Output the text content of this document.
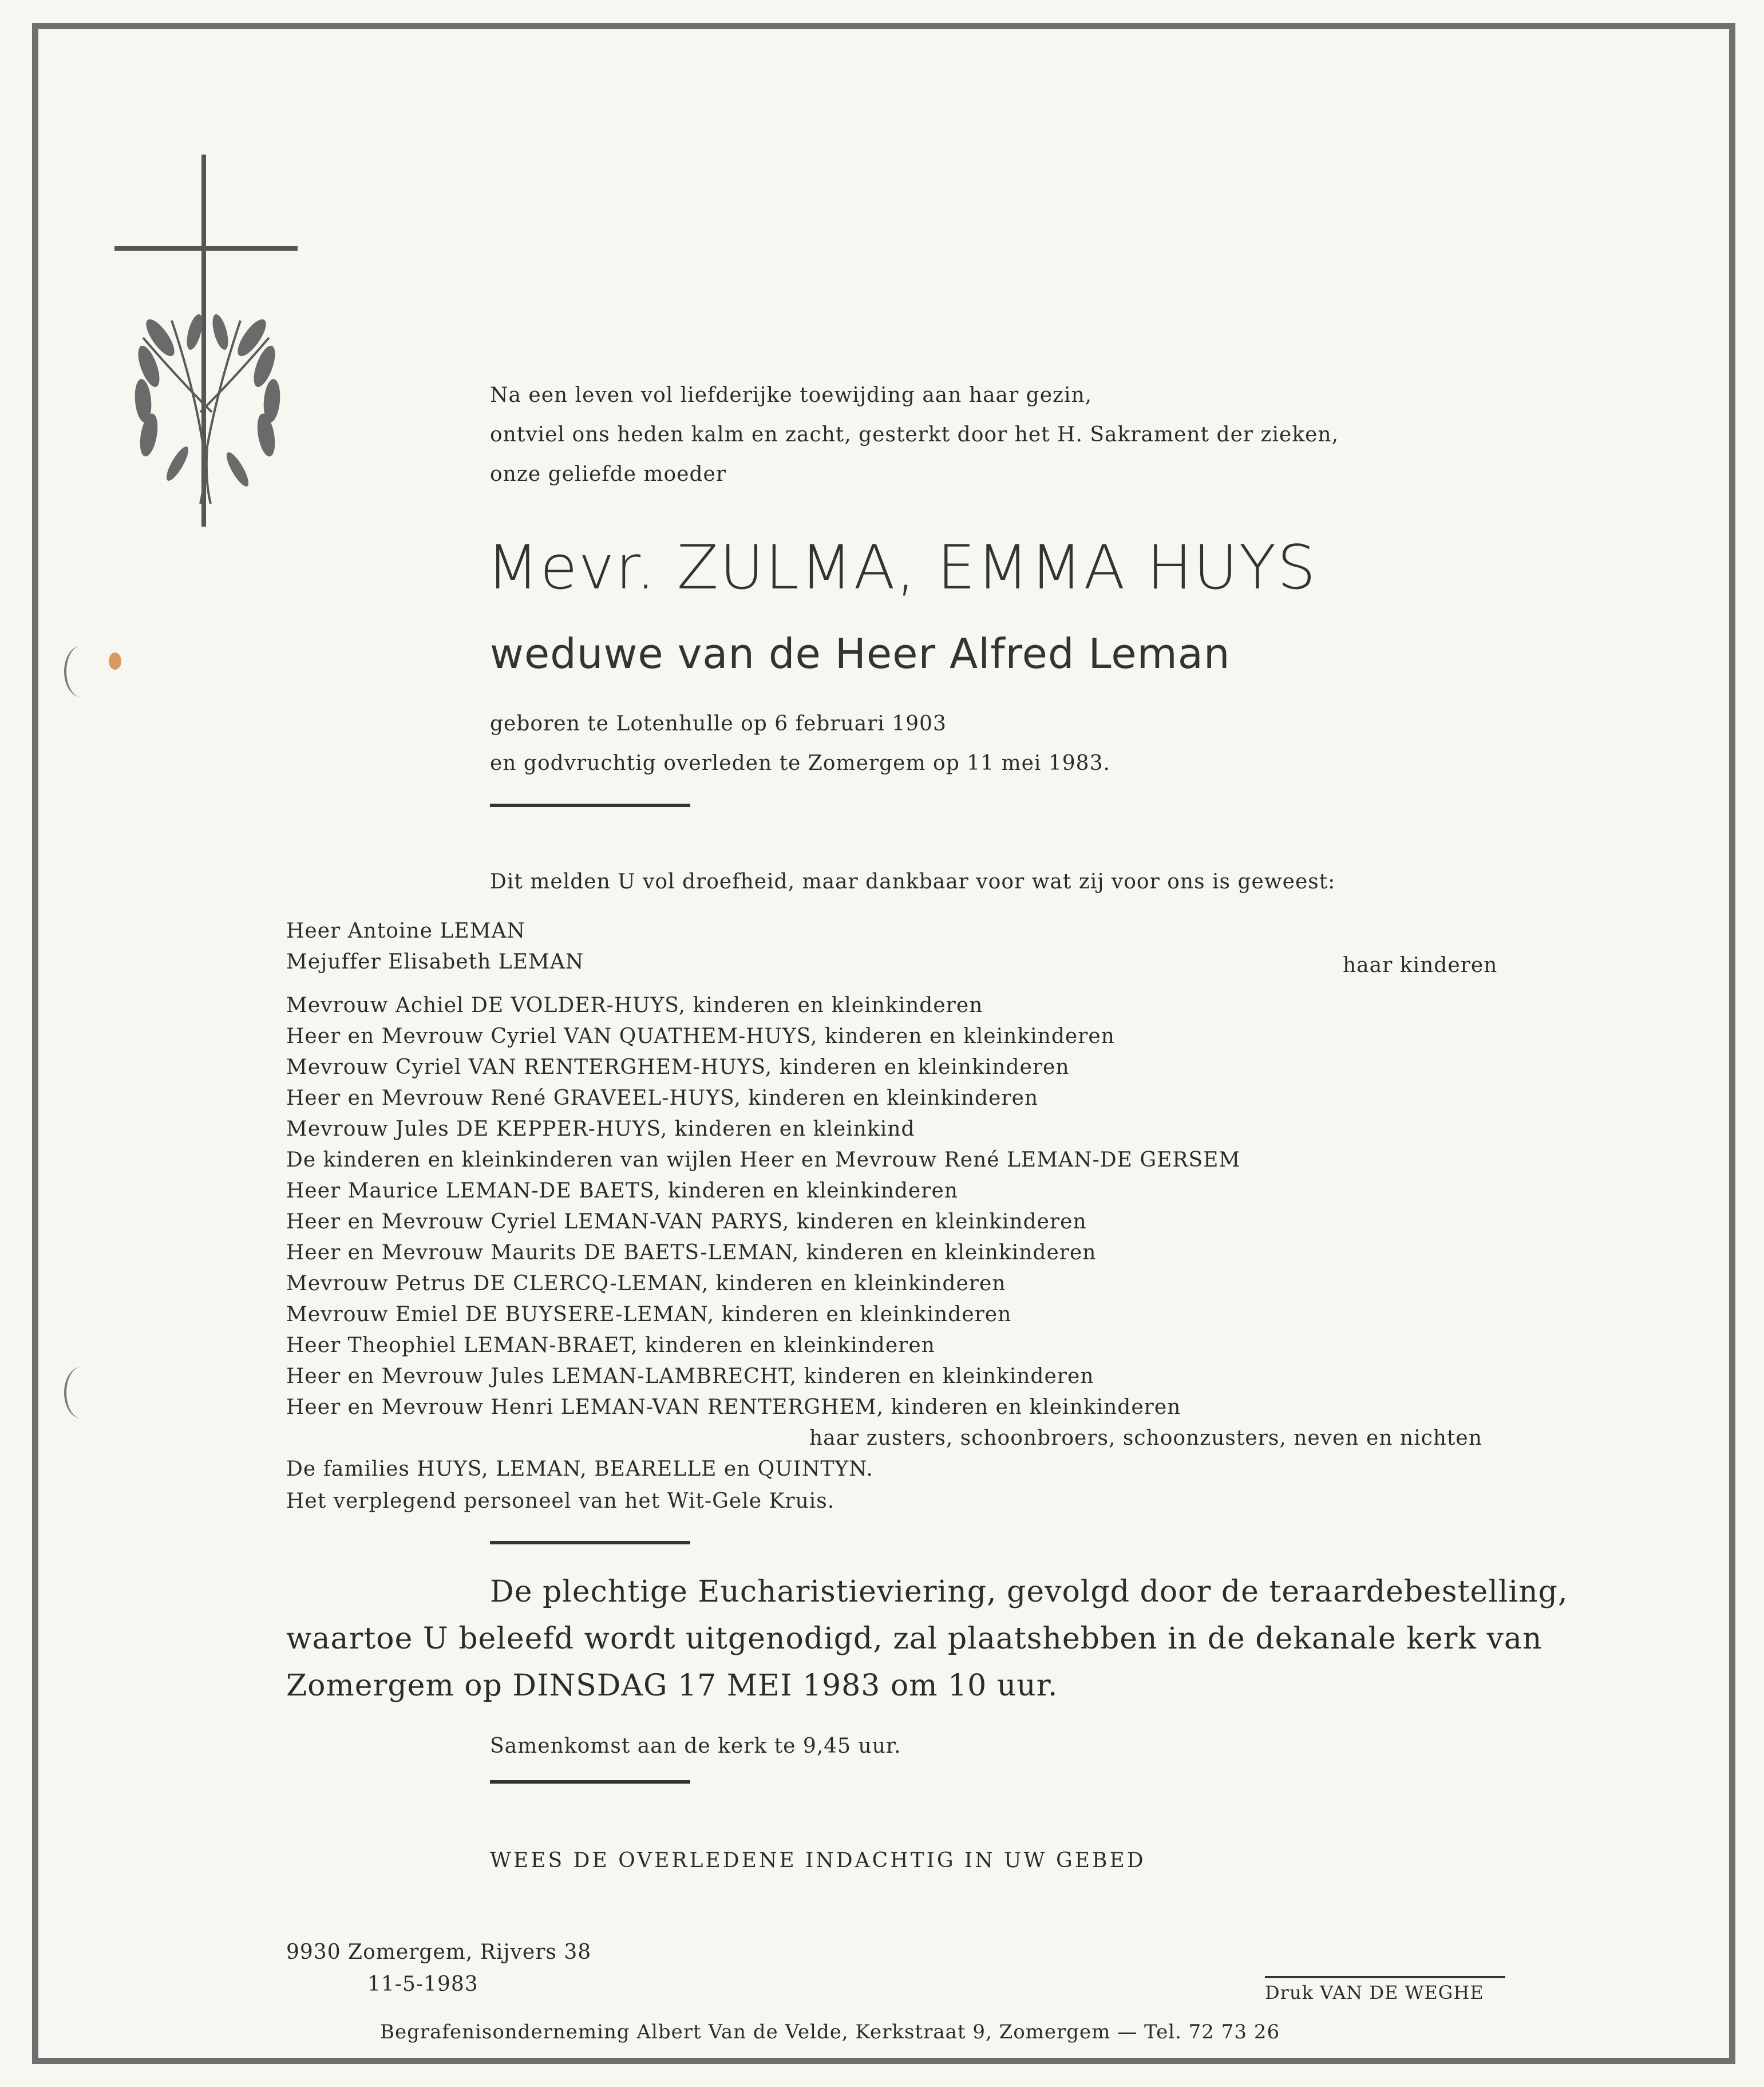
Na een leven vol liefderijke toewijding aan haar gezin,
ontviel ons heden kalm en zacht, gesterkt door het H. Sakrament der zieken,
onze geliefde moeder
Mevr. ZULMA, EMMA HUYS
weduwe van de Heer Alfred Leman
geboren te Lotenhulle op 6 februari 1903
en godvruchtig overleden te Zomergem op 11 mei 1983.
Dit melden U vol droefheid, maar dankbaar voor wat zij voor ons is geweest:
Heer Antoine LEMAN
Mejuffer Elisabeth LEMAN	haar kinderen
Mevrouw Achiel DE VOLDER-HUYS, kinderen en kleinkinderen
Heer en Mevrouw Cyriel VAN QUATHEM-HUYS, kinderen en kleinkinderen
Mevrouw Cyriel VAN RENTERGHEM-HUYS, kinderen en kleinkinderen
Heer en Mevrouw René GRAVEEL-HUYS, kinderen en kleinkinderen
Mevrouw Jules DE KEPPER-HUYS, kinderen en kleinkind
De kinderen en kleinkinderen van wijlen Heer en Mevrouw René LEMAN-DE GERSEM
Heer Maurice LEMAN-DE BAETS, kinderen en kleinkinderen
Heer en Mevrouw Cyriel LEMAN-VAN PARYS, kinderen en kleinkinderen
Heer en Mevrouw Maurits DE BAETS-LEMAN, kinderen en kleinkinderen
Mevrouw Petrus DE CLERCQ-LEMAN, kinderen en kleinkinderen
Mevrouw Emiel DE BUYSERE-LEMAN, kinderen en kleinkinderen
Heer Theophiel LEMAN-BRAET, kinderen en kleinkinderen
Heer en Mevrouw Jules LEMAN-LAMBRECHT, kinderen en kleinkinderen
Heer en Mevrouw Henri LEMAN-VAN RENTERGHEM, kinderen en kleinkinderen
haar zusters, schoonbroers, schoonzusters, neven en nichten
De families HUYS, LEMAN, BEARELLE en QUINTYN.
Het verplegend personeel van het Wit-Gele Kruis.
De plechtige Eucharistieviering, gevolgd door de teraardebestelling,
waartoe U beleefd wordt uitgenodigd, zal plaatshebben in de dekanale kerk van
Zomergem op DINSDAG 17 MEI 1983 om 10 uur.
Samenkomst aan de kerk te 9,45 uur.
WEES DE OVERLEDENE INDACHTIG IN UW GEBED
9930 Zomergem, Rijvers 38
11-5-1983	Druk VAN DE WEGHE
Begrafenisonderneming Albert Van de Velde, Kerkstraat 9, Zomergem — Tel. 72 73 26
